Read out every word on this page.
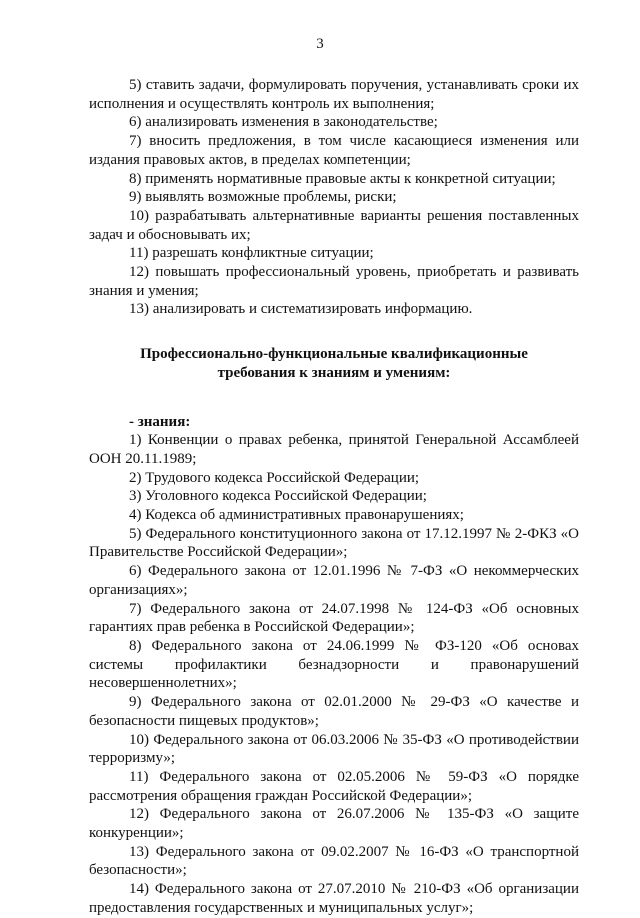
3

5) ставить задачи, формулировать поручения, устанавливать сроки их исполнения и осуществлять контроль их выполнения;

6) анализировать изменения в законодательстве;

7) вносить предложения, в том числе касающиеся изменения или издания правовых актов, в пределах компетенции;

8) применять нормативные правовые акты к конкретной ситуации;

9) выявлять возможные проблемы, риски;

10) разрабатывать альтернативные варианты решения поставленных задач и обосновывать их;

11) разрешать конфликтные ситуации;

12) повышать профессиональный уровень, приобретать и развивать знания и умения;

13) анализировать и систематизировать информацию.

Профессионально-функциональные квалификационные
требования к знаниям и умениям:

- знания:

1) Конвенции о правах ребенка, принятой Генеральной Ассамблеей ООН 20.11.1989;

2) Трудового кодекса Российской Федерации;

3) Уголовного кодекса Российской Федерации;

4) Кодекса об административных правонарушениях;

5) Федерального конституционного закона от 17.12.1997 № 2-ФКЗ «О Правительстве Российской Федерации»;

6) Федерального закона от 12.01.1996 № 7-ФЗ «О некоммерческих организациях»;

7) Федерального закона от 24.07.1998 № 124-ФЗ «Об основных гарантиях прав ребенка в Российской Федерации»;

8) Федерального закона от 24.06.1999 № ФЗ-120 «Об основах системы профилактики безнадзорности и правонарушений несовершеннолетних»;

9) Федерального закона от 02.01.2000 № 29-ФЗ «О качестве и безопасности пищевых продуктов»;

10) Федерального закона от 06.03.2006 № 35-ФЗ «О противодействии терроризму»;

11) Федерального закона от 02.05.2006 № 59-ФЗ «О порядке рассмотрения обращения граждан Российской Федерации»;

12) Федерального закона от 26.07.2006 № 135-ФЗ «О защите конкуренции»;

13) Федерального закона от 09.02.2007 № 16-ФЗ «О транспортной безопасности»;

14) Федерального закона от 27.07.2010 № 210-ФЗ «Об организации предоставления государственных и муниципальных услуг»;
